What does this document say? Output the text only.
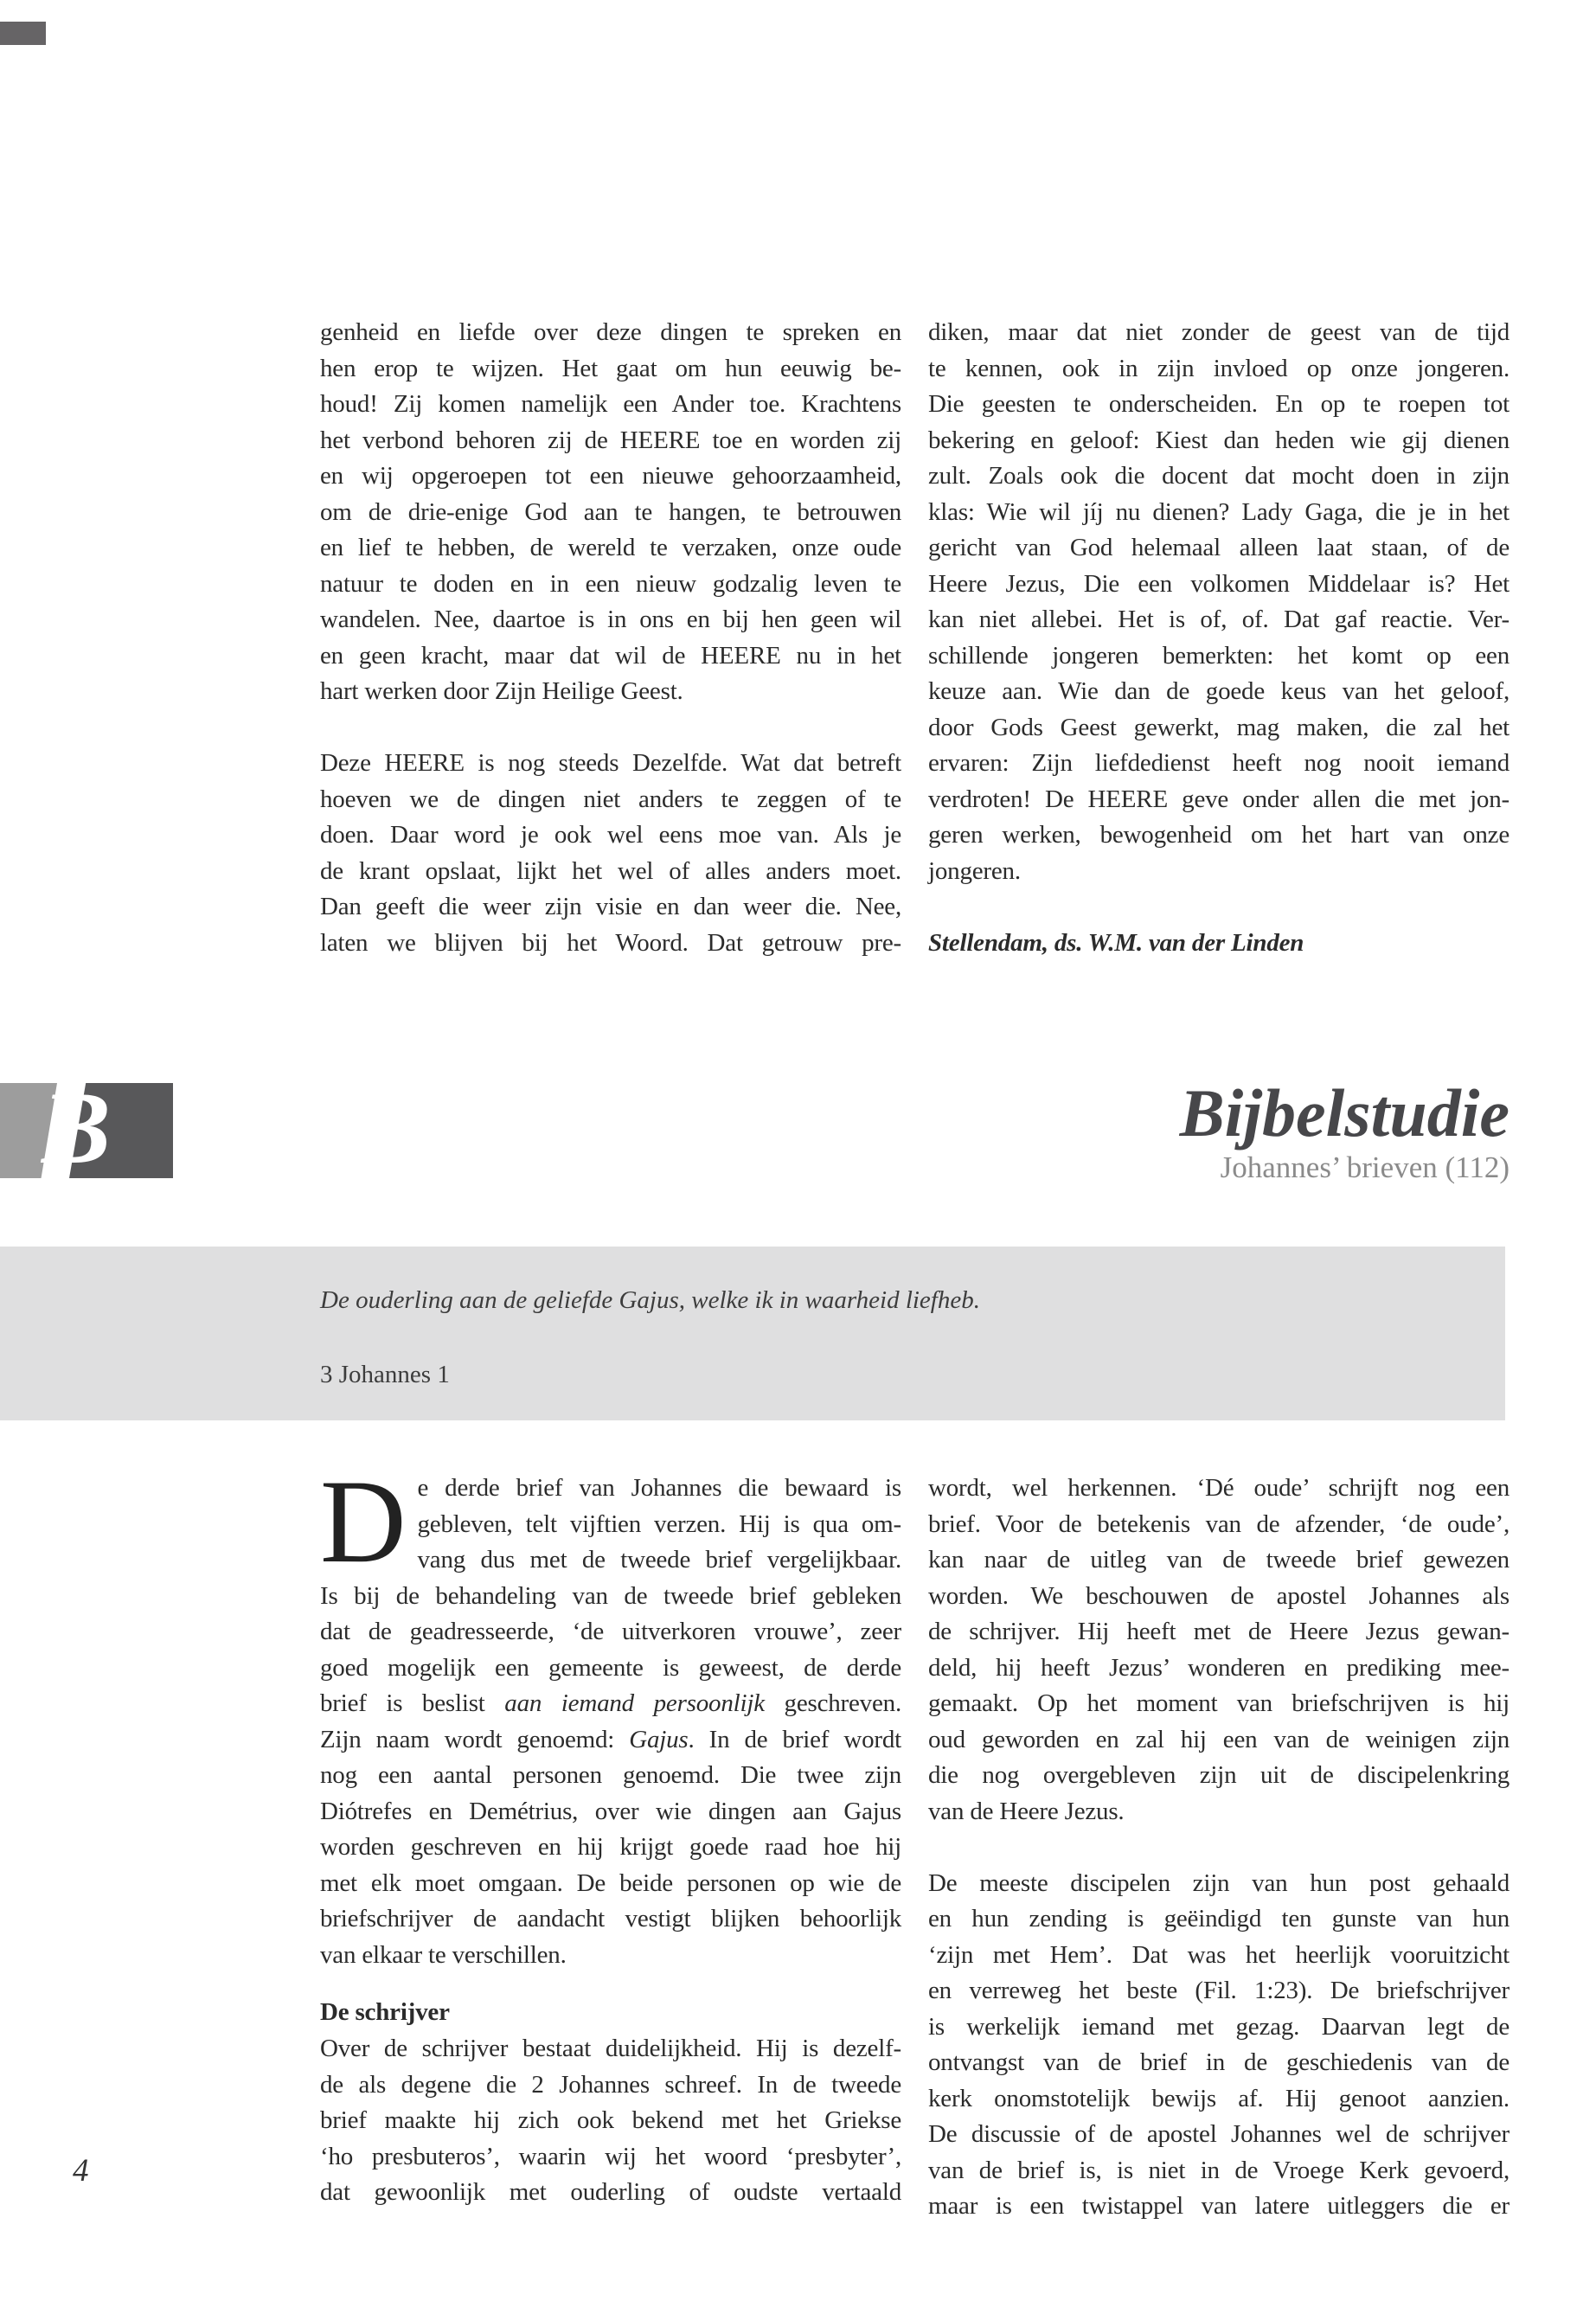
genheid en liefde over deze dingen te spreken en
hen erop te wijzen. Het gaat om hun eeuwig be-
houd! Zij komen namelijk een Ander toe. Krachtens
het verbond behoren zij de HEERE toe en worden zij
en wij opgeroepen tot een nieuwe gehoorzaamheid,
om de drie-enige God aan te hangen, te betrouwen
en lief te hebben, de wereld te verzaken, onze oude
natuur te doden en in een nieuw godzalig leven te
wandelen. Nee, daartoe is in ons en bij hen geen wil
en geen kracht, maar dat wil de HEERE nu in het
hart werken door Zijn Heilige Geest.
Deze HEERE is nog steeds Dezelfde. Wat dat betreft
hoeven we de dingen niet anders te zeggen of te
doen. Daar word je ook wel eens moe van. Als je
de krant opslaat, lijkt het wel of alles anders moet.
Dan geeft die weer zijn visie en dan weer die. Nee,
laten we blijven bij het Woord. Dat getrouw pre-
diken, maar dat niet zonder de geest van de tijd
te kennen, ook in zijn invloed op onze jongeren.
Die geesten te onderscheiden. En op te roepen tot
bekering en geloof: Kiest dan heden wie gij dienen
zult. Zoals ook die docent dat mocht doen in zijn
klas: Wie wil jíj nu dienen? Lady Gaga, die je in het
gericht van God helemaal alleen laat staan, of de
Heere Jezus, Die een volkomen Middelaar is? Het
kan niet allebei. Het is of, of. Dat gaf reactie. Ver-
schillende jongeren bemerkten: het komt op een
keuze aan. Wie dan de goede keus van het geloof,
door Gods Geest gewerkt, mag maken, die zal het
ervaren: Zijn liefdedienst heeft nog nooit iemand
verdroten! De HEERE geve onder allen die met jon-
geren werken, bewogenheid om het hart van onze
jongeren.
Stellendam, ds. W.M. van der Linden
B	Bijbelstudie
Johannes’ brieven (112)
De ouderling aan de geliefde Gajus, welke ik in waarheid liefheb.
3 Johannes 1
D e derde brief van Johannes die bewaard is
gebleven, telt vijftien verzen. Hij is qua om-
vang dus met de tweede brief vergelijkbaar.
Is bij de behandeling van de tweede brief gebleken
dat de geadresseerde, ‘de uitverkoren vrouwe’, zeer
goed mogelijk een gemeente is geweest, de derde
brief is beslist aan iemand persoonlijk geschreven.
Zijn naam wordt genoemd: Gajus. In de brief wordt
nog een aantal personen genoemd. Die twee zijn
Diótrefes en Demétrius, over wie dingen aan Gajus
worden geschreven en hij krijgt goede raad hoe hij
met elk moet omgaan. De beide personen op wie de
briefschrijver de aandacht vestigt blijken behoorlijk
van elkaar te verschillen.
De schrijver
Over de schrijver bestaat duidelijkheid. Hij is dezelf-
de als degene die 2 Johannes schreef. In de tweede
brief maakte hij zich ook bekend met het Griekse
‘ho presbuteros’, waarin wij het woord ‘presbyter’,
dat gewoonlijk met ouderling of oudste vertaald
wordt, wel herkennen. ‘Dé oude’ schrijft nog een
brief. Voor de betekenis van de afzender, ‘de oude’,
kan naar de uitleg van de tweede brief gewezen
worden. We beschouwen de apostel Johannes als
de schrijver. Hij heeft met de Heere Jezus gewan-
deld, hij heeft Jezus’ wonderen en prediking mee-
gemaakt. Op het moment van briefschrijven is hij
oud geworden en zal hij een van de weinigen zijn
die nog overgebleven zijn uit de discipelenkring
van de Heere Jezus.
De meeste discipelen zijn van hun post gehaald
en hun zending is geëindigd ten gunste van hun
‘zijn met Hem’. Dat was het heerlijk vooruitzicht
en verreweg het beste (Fil. 1:23). De briefschrijver
is werkelijk iemand met gezag. Daarvan legt de
ontvangst van de brief in de geschiedenis van de
kerk onomstotelijk bewijs af. Hij genoot aanzien.
De discussie of de apostel Johannes wel de schrijver
van de brief is, is niet in de Vroege Kerk gevoerd,
maar is een twistappel van latere uitleggers die er
4
